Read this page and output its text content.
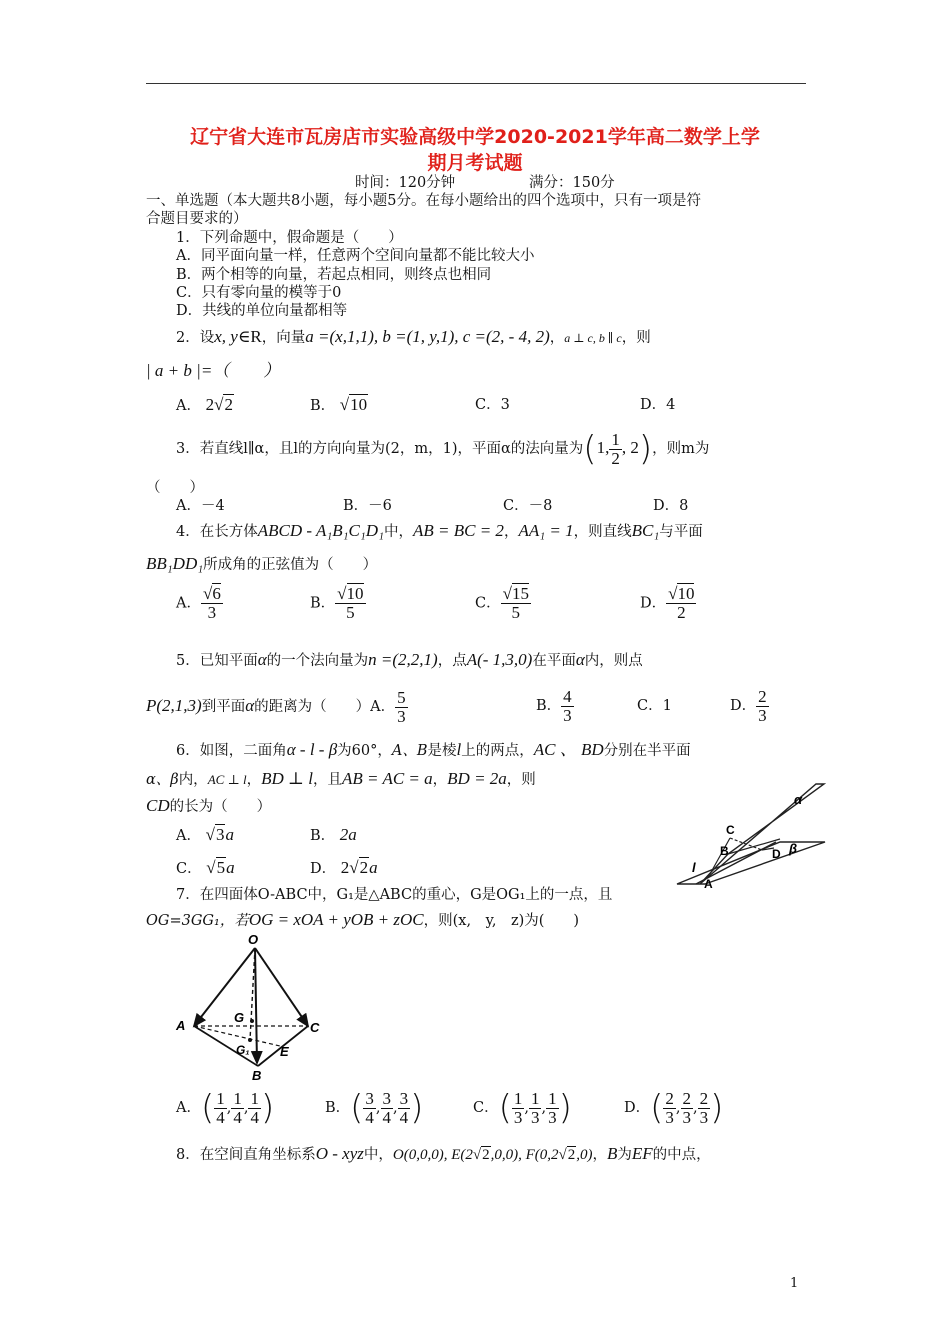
辽宁省大连市瓦房店市实验高级中学2020-2021学年高二数学上学
期月考试题
时间：120分钟	满分：150分
一、单选题（本大题共8小题，每小题5分。在每小题给出的四个选项中，只有一项是符
合题目要求的）
1．下列命题中，假命题是（　　）
A．同平面向量一样，任意两个空间向量都不能比较大小
B．两个相等的向量，若起点相同，则终点也相同
C．只有零向量的模等于0
D．共线的单位向量都相等
2．设x, y∈R，向量a =(x,1,1), b =(1, y,1), c =(2, - 4, 2)，a ⊥ c, b ∥ c，则
| a + b |=（　　）
A． 2√2	B． √10	C．3	D．4
3．若直线l∥α，且l的方向向量为(2，m，1)，平面α的法向量为(1, $\frac{1}{2}$ , 2)，则m为
（　　）
A．－4	B．－6	C．－8	D．8
4．在长方体ABCD - A₁B₁C₁D₁中，AB = BC = 2，AA₁ = 1，则直线BC₁与平面
BB₁DD₁所成角的正弦值为（　　）
A． $\frac{√6}{3}$	B． $\frac{√10}{5}$	C． $\frac{√15}{5}$	D． $\frac{√10}{2}$
5．已知平面α的一个法向量为n =(2,2,1)，点A(- 1,3,0)在平面α内，则点
P(2,1,3)到平面α的距离为（　　）A． $\frac{5}{3}$	B． $\frac{4}{3}$	C．1	D． $\frac{2}{3}$
6．如图，二面角α - l - β为60°，A、B是棱l上的两点，AC 、 BD分别在半平面
α、β内，AC ⊥ l，BD ⊥ l，且AB = AC = a，BD = 2a，则
CD的长为（　　）
A． √3a	B． 2a
C． √5a	D． 2√2a
α
C
B	D β
l
A
7．在四面体O-ABC中，G₁是△ABC的重心，G是OG₁上的一点，且
OG=3GG₁，若OG = xOA + yOB + zOC，则(x,　y,　z)为(　　)
O
A	C
G
G₁ E
B
A．( $\frac{1}{4}$ , $\frac{1}{4}$ , $\frac{1}{4}$ )	B．( $\frac{3}{4}$ , $\frac{3}{4}$ , $\frac{3}{4}$ )	C．( $\frac{1}{3}$ , $\frac{1}{3}$ , $\frac{1}{3}$ )	D．( $\frac{2}{3}$ , $\frac{2}{3}$ , $\frac{2}{3}$ )
8．在空间直角坐标系O - xyz中，O(0,0,0), E(2√2,0,0), F(0,2√2,0)，B为EF的中点，
1
